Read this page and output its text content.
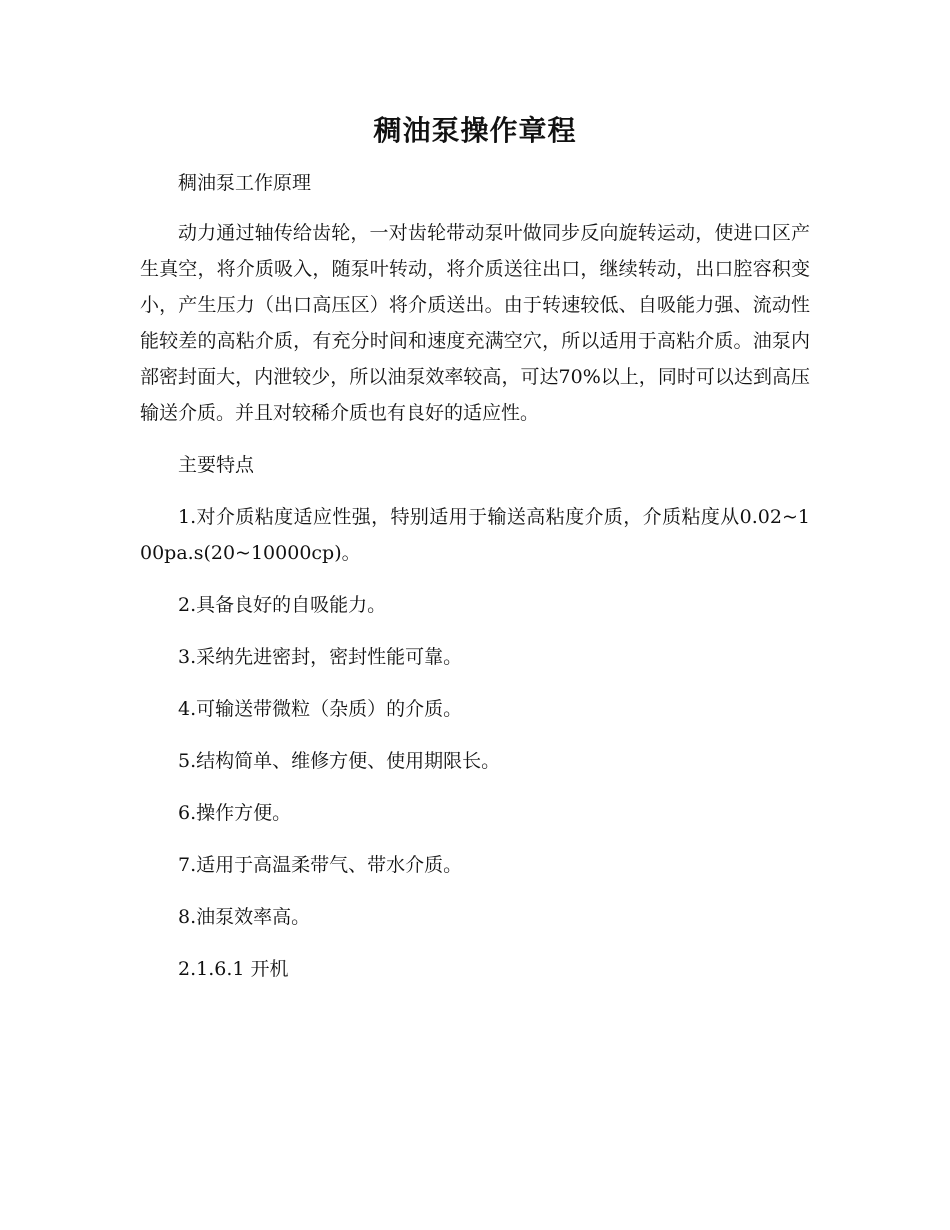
稠油泵操作章程

稠油泵工作原理

动力通过轴传给齿轮，一对齿轮带动泵叶做同步反向旋转运动，使进口区产生真空，将介质吸入，随泵叶转动，将介质送往出口，继续转动，出口腔容积变小，产生压力（出口高压区）将介质送出。由于转速较低、自吸能力强、流动性能较差的高粘介质，有充分时间和速度充满空穴，所以适用于高粘介质。油泵内部密封面大，内泄较少，所以油泵效率较高，可达70%以上，同时可以达到高压输送介质。并且对较稀介质也有良好的适应性。

主要特点

1.对介质粘度适应性强，特别适用于输送高粘度介质，介质粘度从0.02~100pa.s(20~10000cp)。

2.具备良好的自吸能力。

3.采纳先进密封，密封性能可靠。

4.可输送带微粒（杂质）的介质。

5.结构简单、维修方便、使用期限长。

6.操作方便。

7.适用于高温柔带气、带水介质。

8.油泵效率高。

2.1.6.1 开机
